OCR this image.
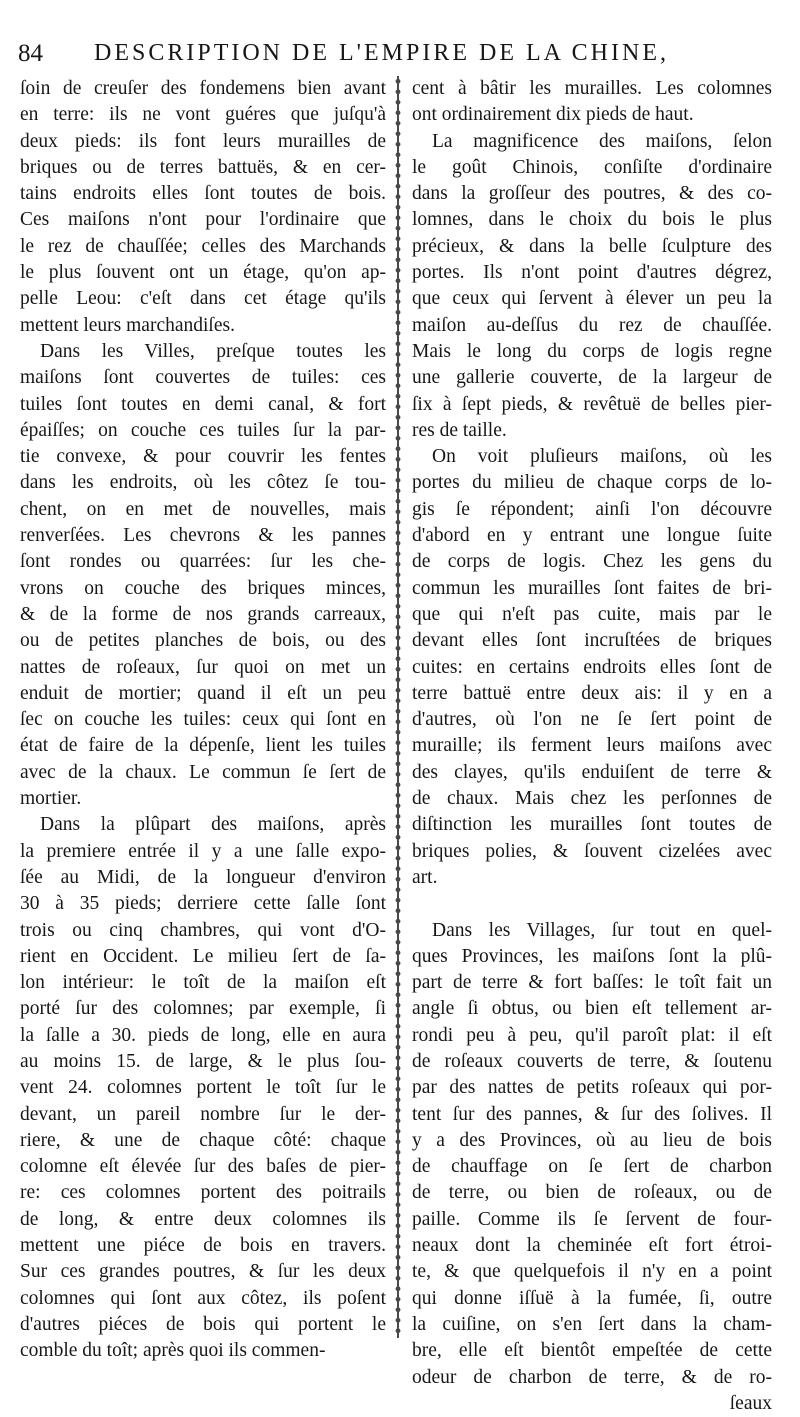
84 DESCRIPTION DE L'EMPIRE DE LA CHINE,
ſoin de creuſer des fondemens bien avant
en terre: ils ne vont guéres que juſqu'à
deux pieds: ils font leurs murailles de
briques ou de terres battuës, & en cer-
tains endroits elles ſont toutes de bois.
Ces maiſons n'ont pour l'ordinaire que
le rez de chauſſée; celles des Marchands
le plus ſouvent ont un étage, qu'on ap-
pelle Leou: c'eſt dans cet étage qu'ils
mettent leurs marchandiſes.
Dans les Villes, preſque toutes les
maiſons ſont couvertes de tuiles: ces
tuiles ſont toutes en demi canal, & fort
épaiſſes; on couche ces tuiles ſur la par-
tie convexe, & pour couvrir les fentes
dans les endroits, où les côtez ſe tou-
chent, on en met de nouvelles, mais
renverſées. Les chevrons & les pannes
ſont rondes ou quarrées: ſur les che-
vrons on couche des briques minces,
& de la forme de nos grands carreaux,
ou de petites planches de bois, ou des
nattes de roſeaux, ſur quoi on met un
enduit de mortier; quand il eſt un peu
ſec on couche les tuiles: ceux qui ſont en
état de faire de la dépenſe, lient les tuiles
avec de la chaux. Le commun ſe ſert de
mortier.
Dans la plûpart des maiſons, après
la premiere entrée il y a une ſalle expo-
ſée au Midi, de la longueur d'environ
30 à 35 pieds; derriere cette ſalle ſont
trois ou cinq chambres, qui vont d'O-
rient en Occident. Le milieu ſert de ſa-
lon intérieur: le toît de la maiſon eſt
porté ſur des colomnes; par exemple, ſi
la ſalle a 30. pieds de long, elle en aura
au moins 15. de large, & le plus ſou-
vent 24. colomnes portent le toît ſur le
devant, un pareil nombre ſur le der-
riere, & une de chaque côté: chaque
colomne eſt élevée ſur des baſes de pier-
re: ces colomnes portent des poitrails
de long, & entre deux colomnes ils
mettent une piéce de bois en travers.
Sur ces grandes poutres, & ſur les deux
colomnes qui ſont aux côtez, ils poſent
d'autres piéces de bois qui portent le
comble du toît; après quoi ils commen-
cent à bâtir les murailles. Les colomnes
ont ordinairement dix pieds de haut.
La magnificence des maiſons, ſelon
le goût Chinois, conſiſte d'ordinaire
dans la groſſeur des poutres, & des co-
lomnes, dans le choix du bois le plus
précieux, & dans la belle ſculpture des
portes. Ils n'ont point d'autres dégrez,
que ceux qui ſervent à élever un peu la
maiſon au-deſſus du rez de chauſſée.
Mais le long du corps de logis regne
une gallerie couverte, de la largeur de
ſix à ſept pieds, & revêtuë de belles pier-
res de taille.
On voit pluſieurs maiſons, où les
portes du milieu de chaque corps de lo-
gis ſe répondent; ainſi l'on découvre
d'abord en y entrant une longue ſuite
de corps de logis. Chez les gens du
commun les murailles ſont faites de bri-
que qui n'eſt pas cuite, mais par le
devant elles ſont incruſtées de briques
cuites: en certains endroits elles ſont de
terre battuë entre deux ais: il y en a
d'autres, où l'on ne ſe ſert point de
muraille; ils ferment leurs maiſons avec
des clayes, qu'ils enduiſent de terre &
de chaux. Mais chez les perſonnes de
diſtinction les murailles ſont toutes de
briques polies, & ſouvent cizelées avec
art.
Dans les Villages, ſur tout en quel-
ques Provinces, les maiſons ſont la plû-
part de terre & fort baſſes: le toît fait un
angle ſi obtus, ou bien eſt tellement ar-
rondi peu à peu, qu'il paroît plat: il eſt
de roſeaux couverts de terre, & ſoutenu
par des nattes de petits roſeaux qui por-
tent ſur des pannes, & ſur des ſolives. Il
y a des Provinces, où au lieu de bois
de chauffage on ſe ſert de charbon
de terre, ou bien de roſeaux, ou de
paille. Comme ils ſe ſervent de four-
neaux dont la cheminée eſt fort étroi-
te, & que quelquefois il n'y en a point
qui donne iſſuë à la fumée, ſi, outre
la cuiſine, on s'en ſert dans la cham-
bre, elle eſt bientôt empeſtée de cette
odeur de charbon de terre, & de ro-
ſeaux
